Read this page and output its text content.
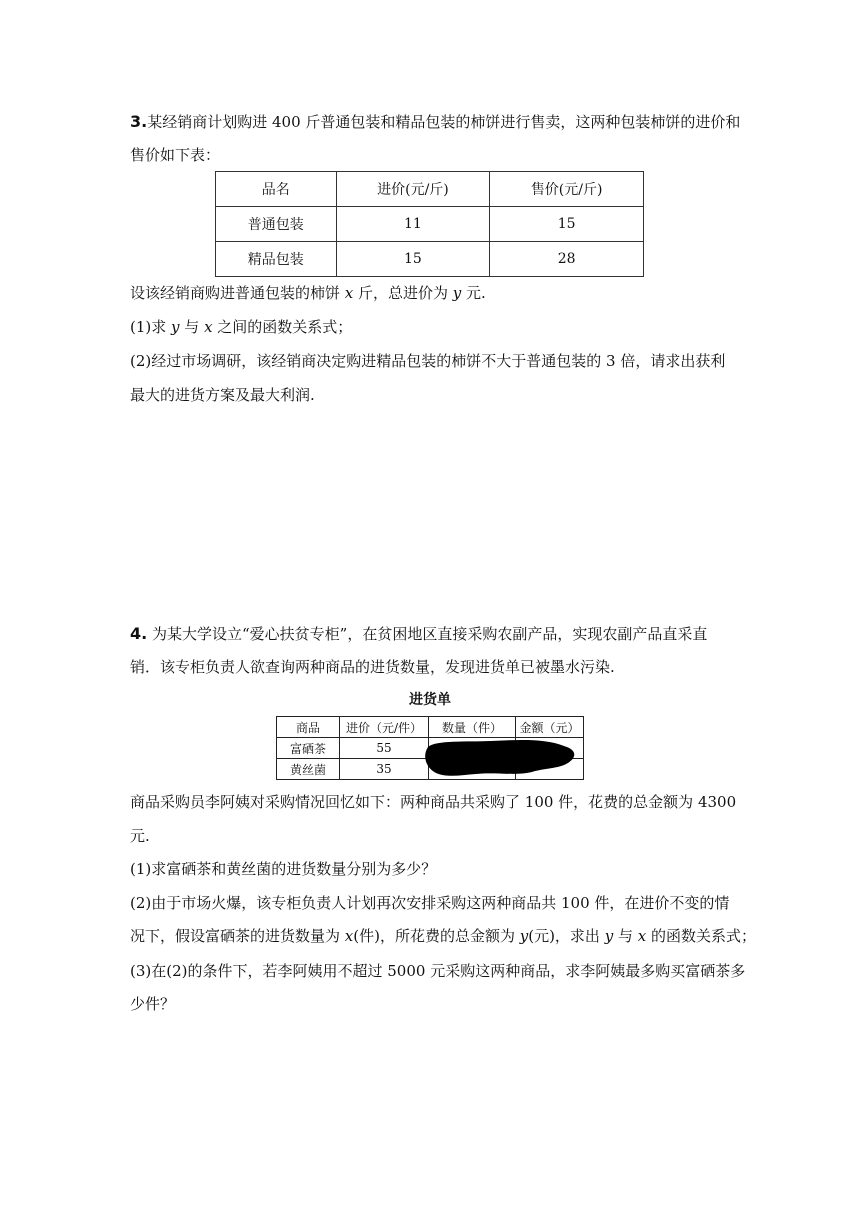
3.某经销商计划购进 400 斤普通包装和精品包装的柿饼进行售卖，这两种包装柿饼的进价和
售价如下表：
品名	进价(元/斤)	售价(元/斤)
普通包装	11	15
精品包装	15	28
设该经销商购进普通包装的柿饼 x 斤，总进价为 y 元.
(1)求 y 与 x 之间的函数关系式；
(2)经过市场调研，该经销商决定购进精品包装的柿饼不大于普通包装的 3 倍，请求出获利
最大的进货方案及最大利润.
4. 为某大学设立“爱心扶贫专柜”，在贫困地区直接采购农副产品，实现农副产品直采直
销．该专柜负责人欲查询两种商品的进货数量，发现进货单已被墨水污染.
进货单
商品	进价（元/件）	数量（件）	金额（元）
富硒茶	55		
黄丝菌	35		
商品采购员李阿姨对采购情况回忆如下：两种商品共采购了 100 件，花费的总金额为 4300
元.
(1)求富硒茶和黄丝菌的进货数量分别为多少？
(2)由于市场火爆，该专柜负责人计划再次安排采购这两种商品共 100 件，在进价不变的情
况下，假设富硒茶的进货数量为 x(件)，所花费的总金额为 y(元)，求出 y 与 x 的函数关系式；
(3)在(2)的条件下，若李阿姨用不超过 5000 元采购这两种商品，求李阿姨最多购买富硒茶多
少件？
